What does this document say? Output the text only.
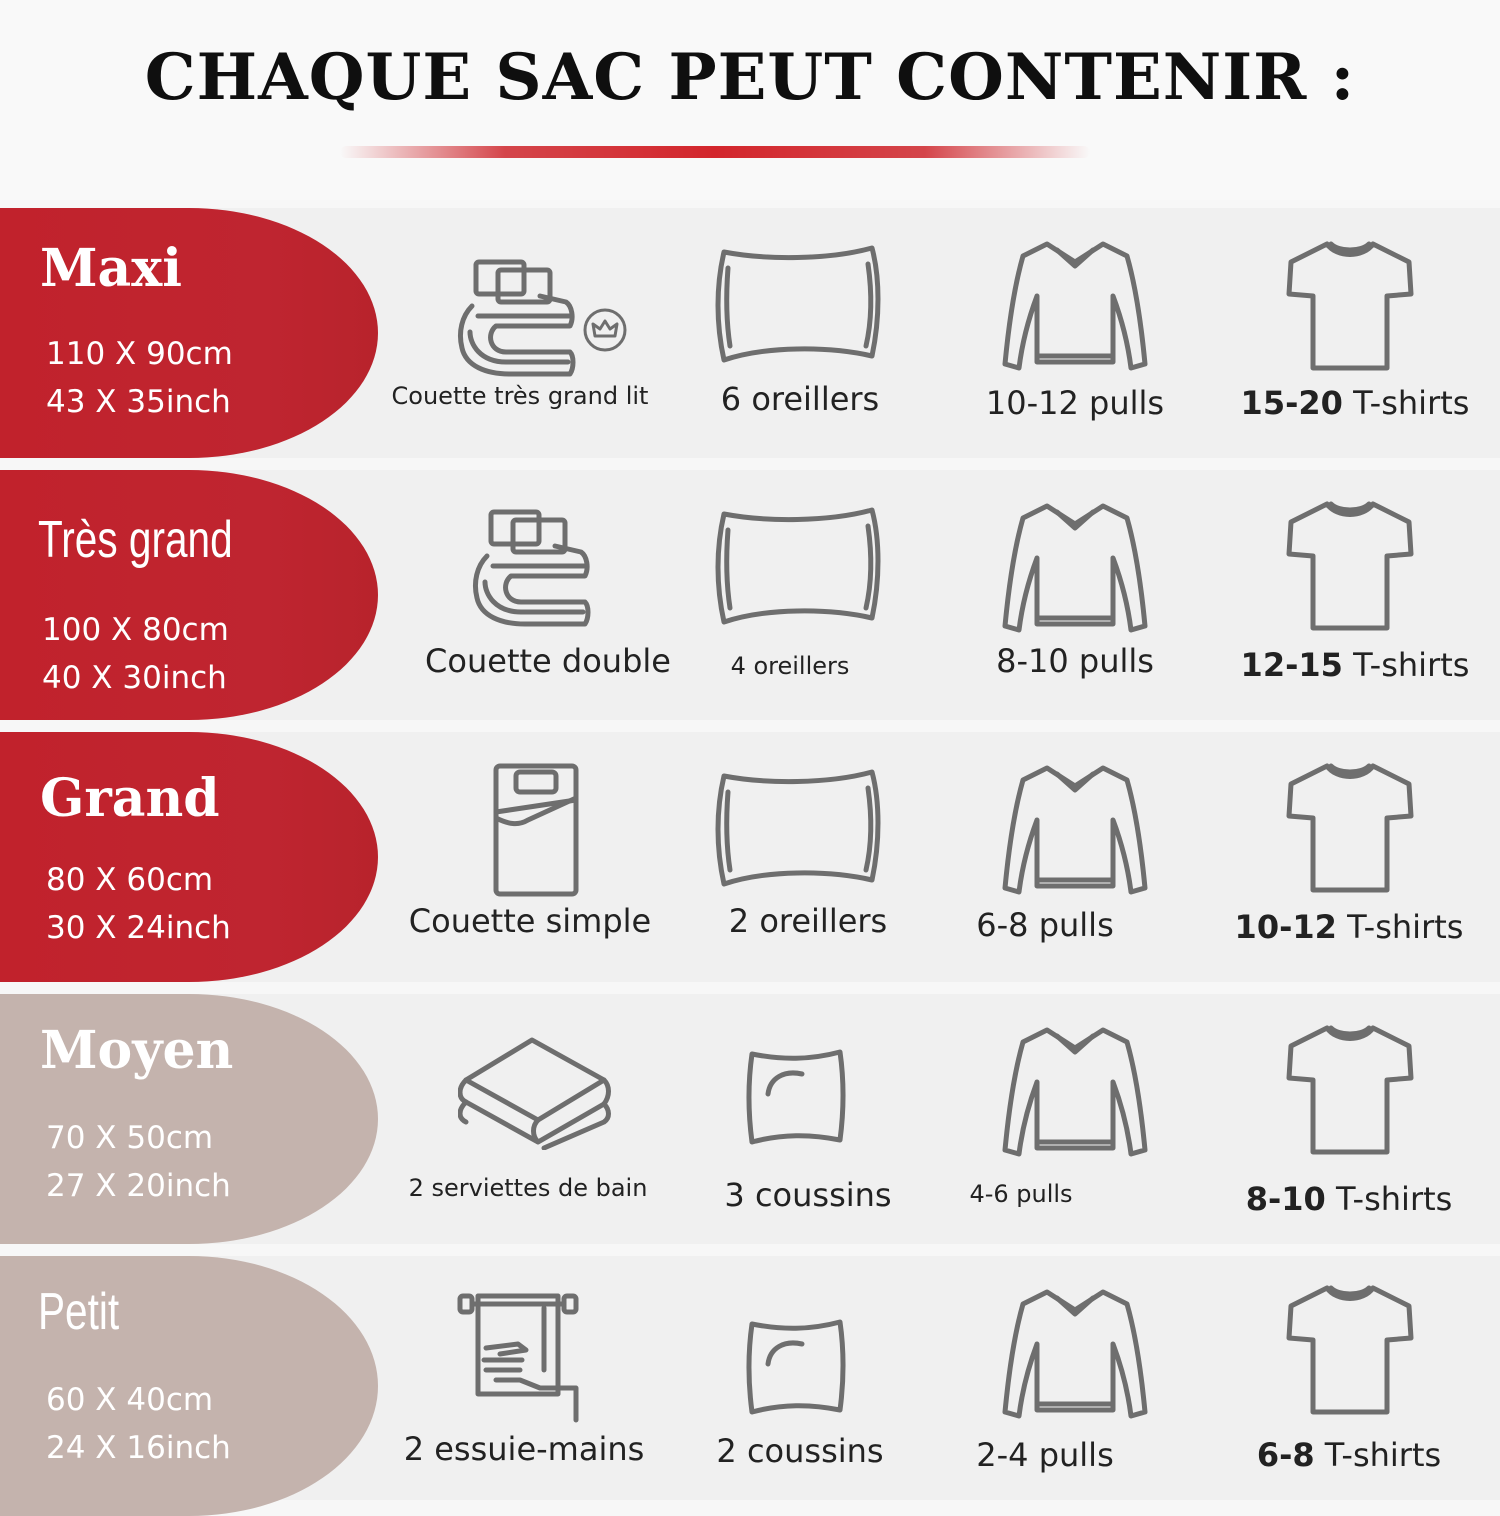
CHAQUE SAC PEUT CONTENIR :
Maxi
110 X 90cm
43 X 35inch	Couette très grand lit	6 oreillers	10-12 pulls	15-20 T-shirts
Très grand
100 X 80cm
40 X 30inch	Couette double	4 oreillers	8-10 pulls	12-15 T-shirts
Grand
80 X 60cm
30 X 24inch	Couette simple	2 oreillers	6-8 pulls	10-12 T-shirts
Moyen
70 X 50cm
27 X 20inch	2 serviettes de bain	3 coussins	4-6 pulls	8-10 T-shirts
Petit
60 X 40cm
24 X 16inch	2 essuie-mains	2 coussins	2-4 pulls	6-8 T-shirts
